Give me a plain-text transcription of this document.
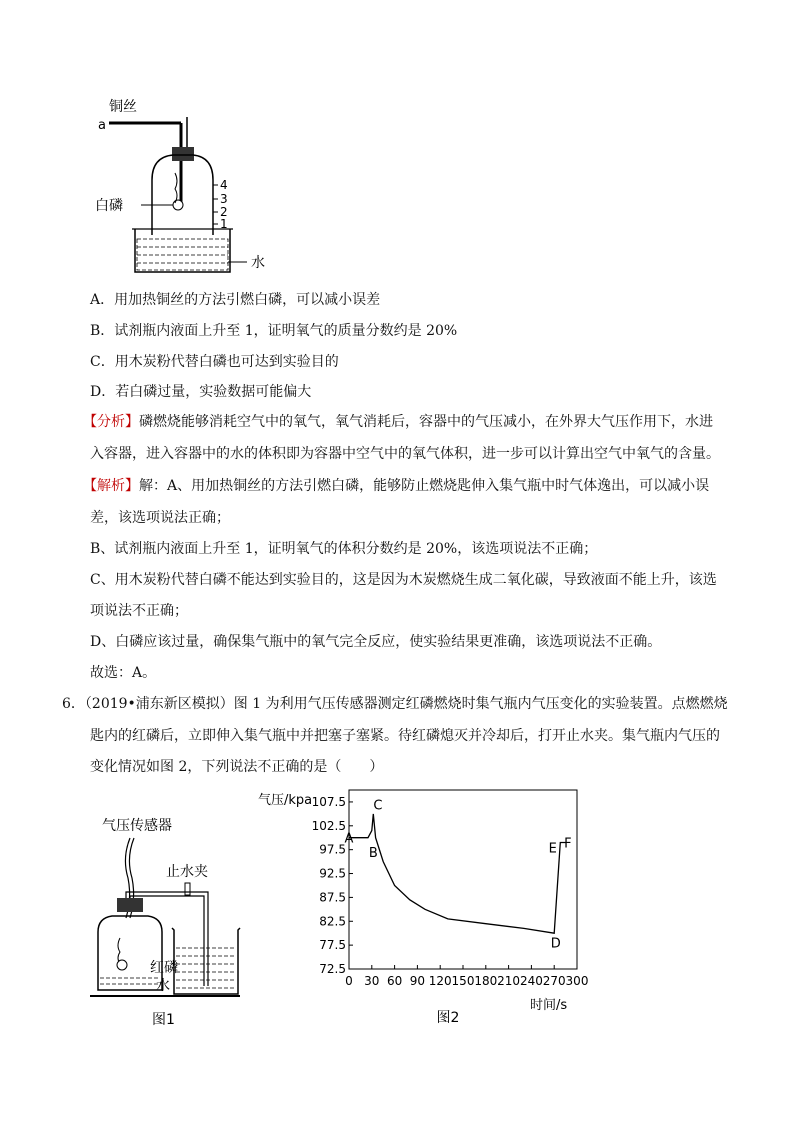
铜丝
a
白磷
4
3
2
1
水
A．用加热铜丝的方法引燃白磷，可以减小误差
B．试剂瓶内液面上升至 1，证明氧气的质量分数约是 20%
C．用木炭粉代替白磷也可达到实验目的
D．若白磷过量，实验数据可能偏大
【分析】磷燃烧能够消耗空气中的氧气，氧气消耗后，容器中的气压减小，在外界大气压作用下，水进
入容器，进入容器中的水的体积即为容器中空气中的氧气体积，进一步可以计算出空气中氧气的含量。
【解析】解：A、用加热铜丝的方法引燃白磷，能够防止燃烧匙伸入集气瓶中时气体逸出，可以减小误
差，该选项说法正确；
B、试剂瓶内液面上升至 1，证明氧气的体积分数约是 20%，该选项说法不正确；
C、用木炭粉代替白磷不能达到实验目的，这是因为木炭燃烧生成二氧化碳，导致液面不能上升，该选
项说法不正确；
D、白磷应该过量，确保集气瓶中的氧气完全反应，使实验结果更准确，该选项说法不正确。
故选：A。
6．（2019•浦东新区模拟）图 1 为利用气压传感器测定红磷燃烧时集气瓶内气压变化的实验装置。点燃燃烧
匙内的红磷后，立即伸入集气瓶中并把塞子塞紧。待红磷熄灭并冷却后，打开止水夹。集气瓶内气压的
变化情况如图 2，下列说法不正确的是（　　）
气压传感器
止水夹
红磷
水
图1
气压/kpa
72.5
77.5
82.5
87.5
92.5
97.5
102.5
107.5
0 30 60 90 120 150 180 210 240 270 300
时间/s
A
B
C
D
E F
图2
